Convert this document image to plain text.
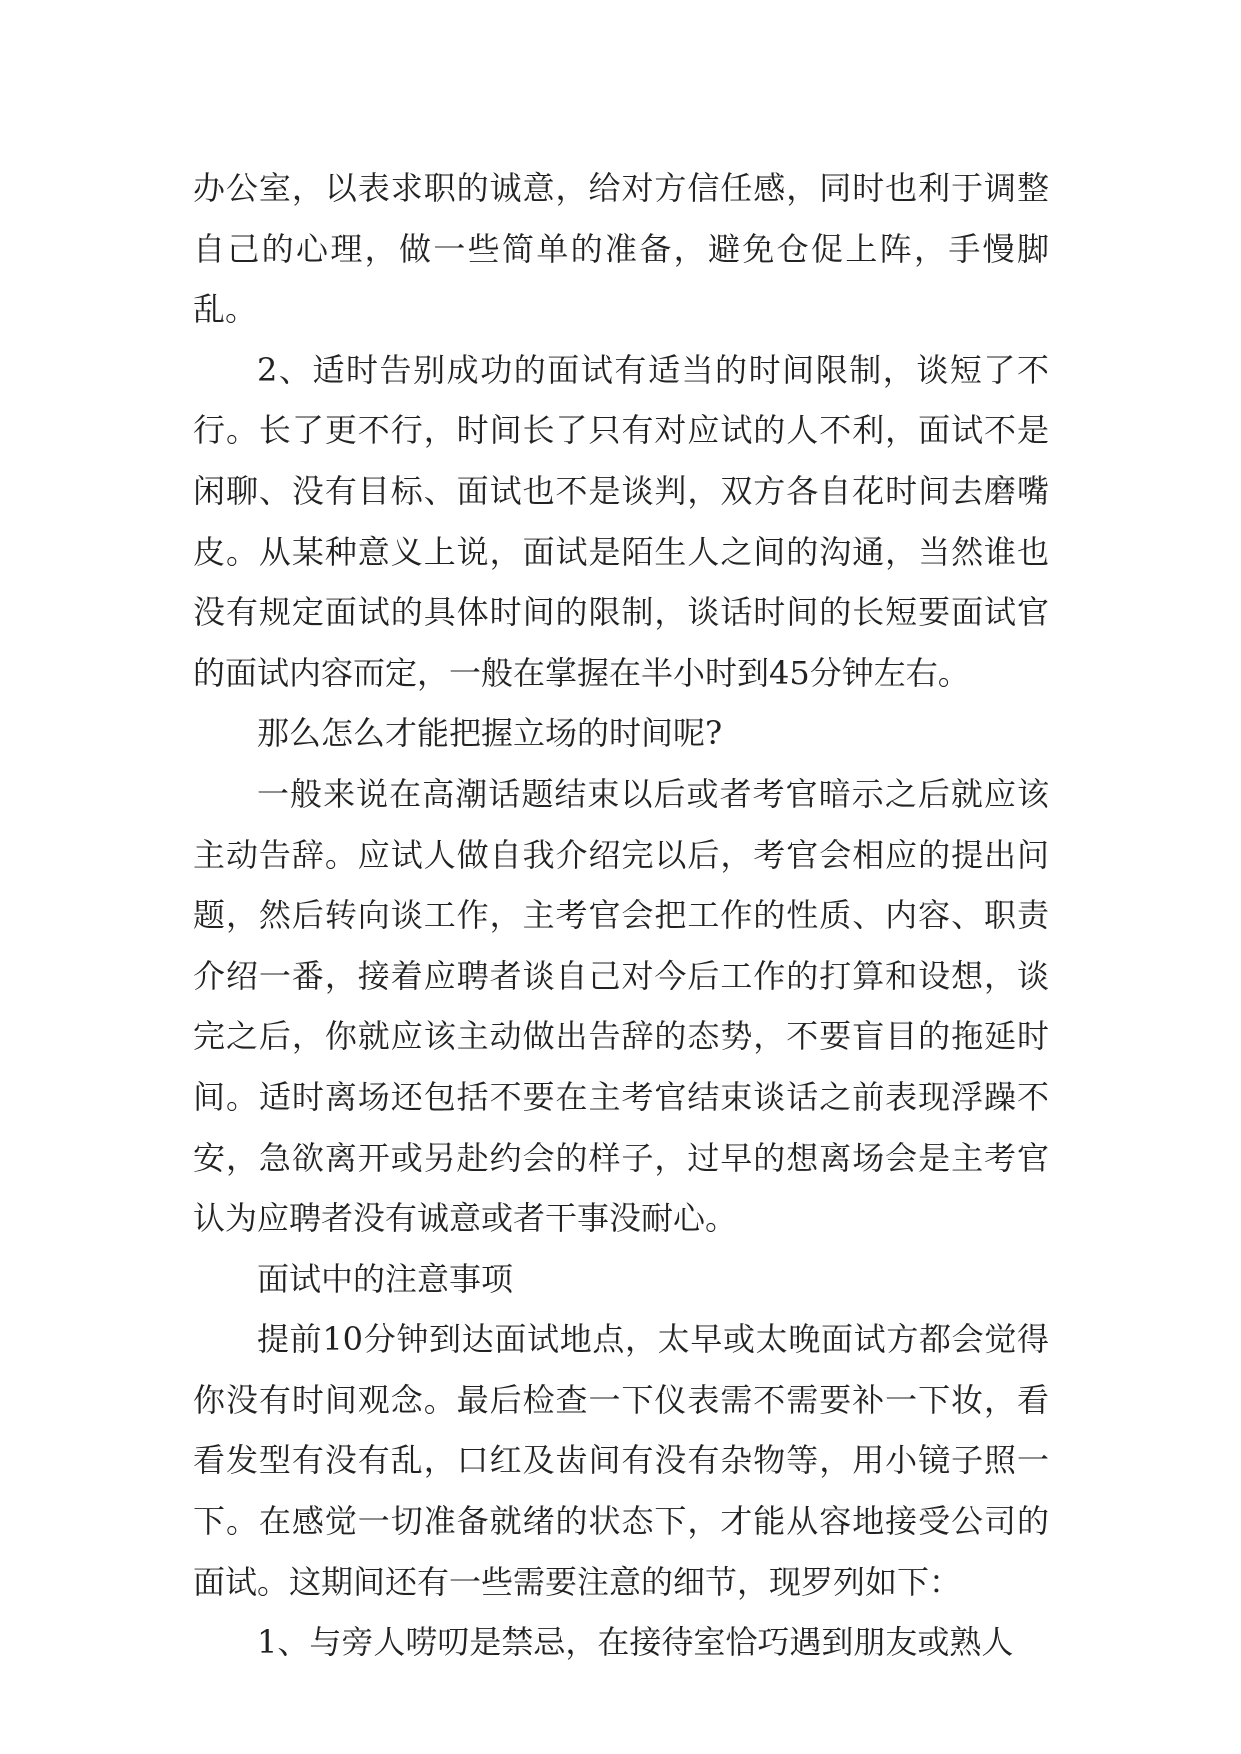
办公室，以表求职的诚意，给对方信任感，同时也利于调整自己的心理，做一些简单的准备，避免仓促上阵，手慢脚乱。

2、适时告别成功的面试有适当的时间限制，谈短了不行。长了更不行，时间长了只有对应试的人不利，面试不是闲聊、没有目标、面试也不是谈判，双方各自花时间去磨嘴皮。从某种意义上说，面试是陌生人之间的沟通，当然谁也没有规定面试的具体时间的限制，谈话时间的长短要面试官的面试内容而定，一般在掌握在半小时到45分钟左右。

那么怎么才能把握立场的时间呢?

一般来说在高潮话题结束以后或者考官暗示之后就应该主动告辞。应试人做自我介绍完以后，考官会相应的提出问题，然后转向谈工作，主考官会把工作的性质、内容、职责介绍一番，接着应聘者谈自己对今后工作的打算和设想，谈完之后，你就应该主动做出告辞的态势，不要盲目的拖延时间。适时离场还包括不要在主考官结束谈话之前表现浮躁不安，急欲离开或另赴约会的样子，过早的想离场会是主考官认为应聘者没有诚意或者干事没耐心。

面试中的注意事项

提前10分钟到达面试地点，太早或太晚面试方都会觉得你没有时间观念。最后检查一下仪表需不需要补一下妆，看看发型有没有乱，口红及齿间有没有杂物等，用小镜子照一下。在感觉一切准备就绪的状态下，才能从容地接受公司的面试。这期间还有一些需要注意的细节，现罗列如下：

1、与旁人唠叨是禁忌，在接待室恰巧遇到朋友或熟人
